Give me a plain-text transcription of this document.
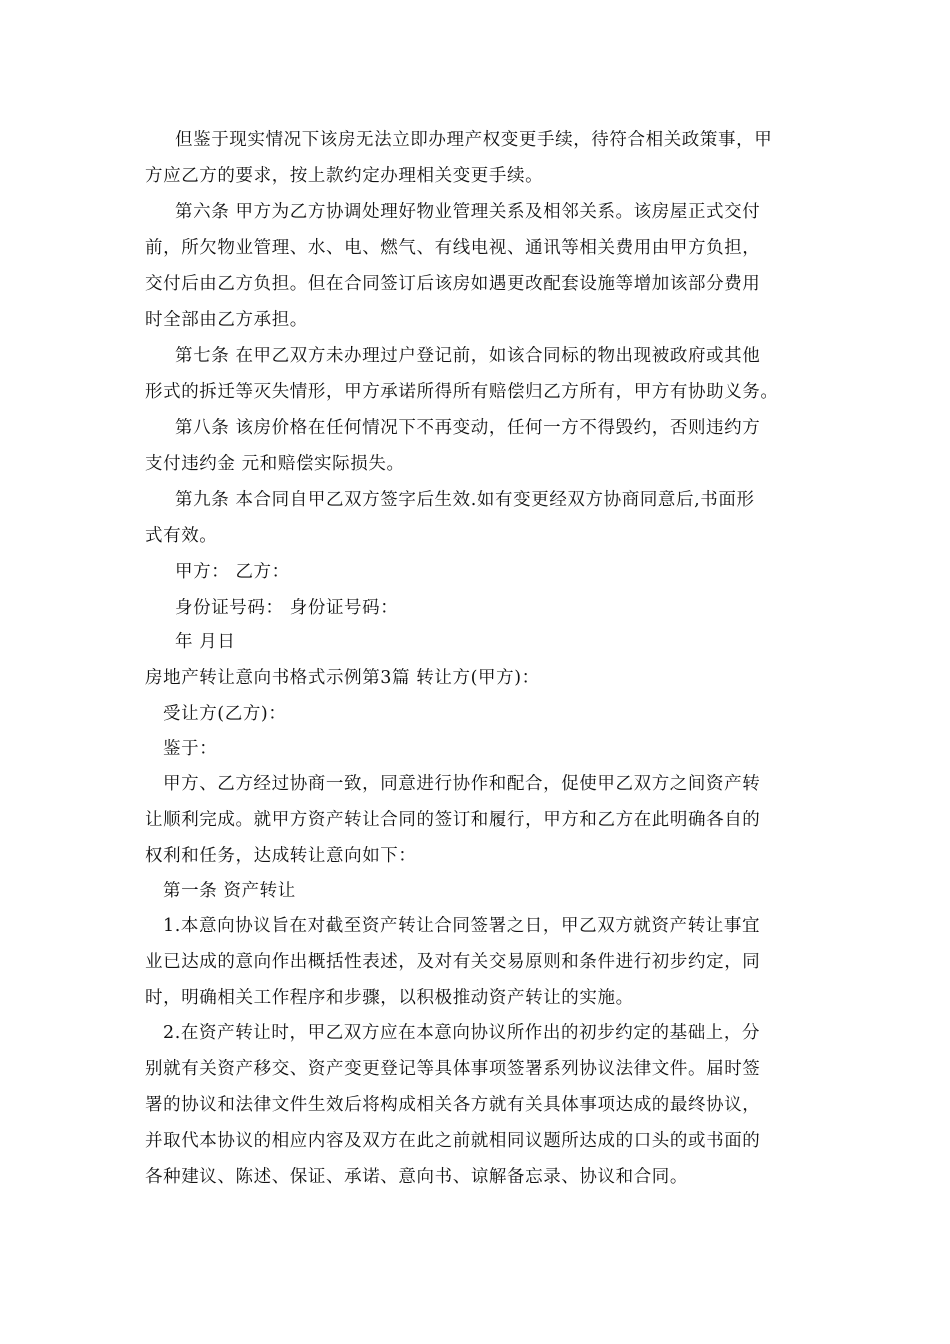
但鉴于现实情况下该房无法立即办理产权变更手续，待符合相关政策事，甲
方应乙方的要求，按上款约定办理相关变更手续。
第六条 甲方为乙方协调处理好物业管理关系及相邻关系。该房屋正式交付
前，所欠物业管理、水、电、燃气、有线电视、通讯等相关费用由甲方负担，
交付后由乙方负担。但在合同签订后该房如遇更改配套设施等增加该部分费用
时全部由乙方承担。
第七条 在甲乙双方未办理过户登记前，如该合同标的物出现被政府或其他
形式的拆迁等灭失情形，甲方承诺所得所有赔偿归乙方所有，甲方有协助义务。
第八条 该房价格在任何情况下不再变动，任何一方不得毁约，否则违约方
支付违约金 元和赔偿实际损失。
第九条 本合同自甲乙双方签字后生效.如有变更经双方协商同意后,书面形
式有效。
甲方： 乙方：
身份证号码： 身份证号码：
年 月日
房地产转让意向书格式示例第3篇 转让方(甲方)：
受让方(乙方)：
鉴于：
甲方、乙方经过协商一致，同意进行协作和配合，促使甲乙双方之间资产转
让顺利完成。就甲方资产转让合同的签订和履行，甲方和乙方在此明确各自的
权利和任务，达成转让意向如下：
第一条 资产转让
1.本意向协议旨在对截至资产转让合同签署之日，甲乙双方就资产转让事宜
业已达成的意向作出概括性表述，及对有关交易原则和条件进行初步约定，同
时，明确相关工作程序和步骤，以积极推动资产转让的实施。
2.在资产转让时，甲乙双方应在本意向协议所作出的初步约定的基础上，分
别就有关资产移交、资产变更登记等具体事项签署系列协议法律文件。届时签
署的协议和法律文件生效后将构成相关各方就有关具体事项达成的最终协议，
并取代本协议的相应内容及双方在此之前就相同议题所达成的口头的或书面的
各种建议、陈述、保证、承诺、意向书、谅解备忘录、协议和合同。
